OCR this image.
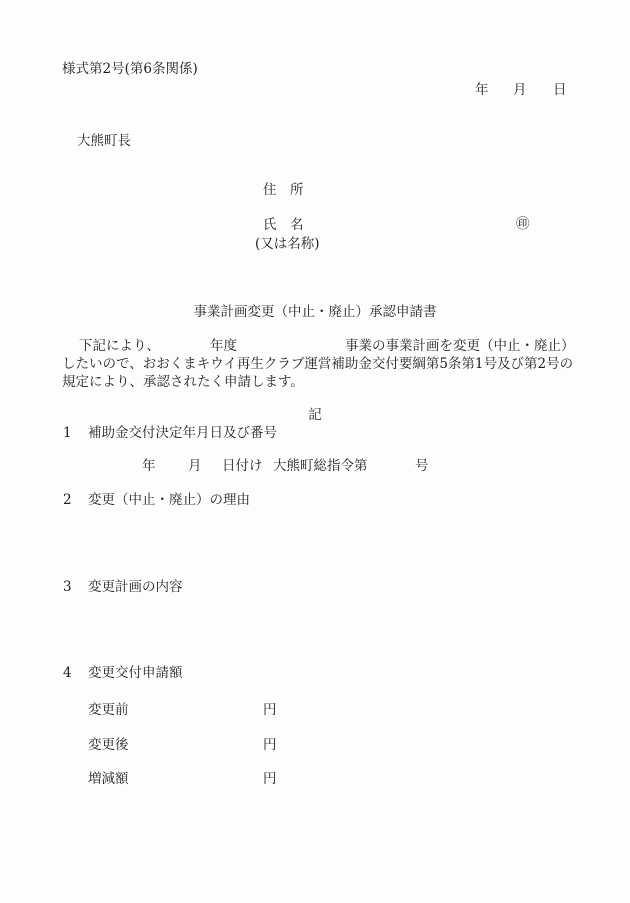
様式第2号(第6条関係)
年 月 日
大熊町長
住　所
氏　名	㊞
(又は名称)
事業計画変更（中止・廃止）承認申請書
下記により、	年度	事業の事業計画を変更（中止・廃止）
したいので、おおくまキウイ再生クラブ運営補助金交付要綱第5条第1号及び第2号の
規定により、承認されたく申請します。
記
1 補助金交付決定年月日及び番号
年 月 日付け 大熊町総指令第	号
2 変更（中止・廃止）の理由
3 変更計画の内容
4 変更交付申請額
変更前	円
変更後	円
増減額	円
